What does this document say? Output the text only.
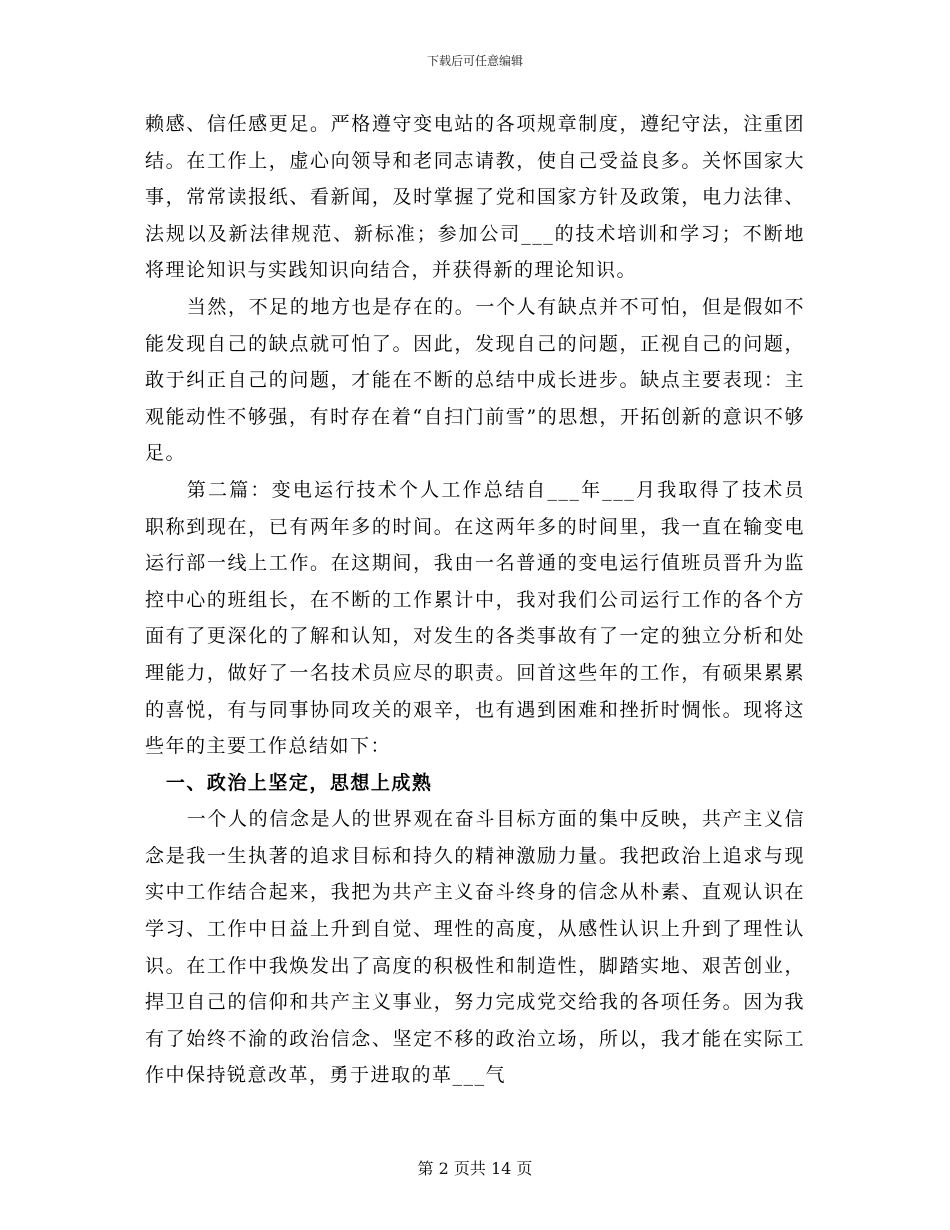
下载后可任意编辑

赖感、信任感更足。严格遵守变电站的各项规章制度，遵纪守法，注重团结。在工作上，虚心向领导和老同志请教，使自己受益良多。关怀国家大事，常常读报纸、看新闻，及时掌握了党和国家方针及政策，电力法律、法规以及新法律规范、新标准；参加公司___的技术培训和学习；不断地将理论知识与实践知识向结合，并获得新的理论知识。

当然，不足的地方也是存在的。一个人有缺点并不可怕，但是假如不能发现自己的缺点就可怕了。因此，发现自己的问题，正视自己的问题，敢于纠正自己的问题，才能在不断的总结中成长进步。缺点主要表现：主观能动性不够强，有时存在着“自扫门前雪”的思想，开拓创新的意识不够足。

第二篇：变电运行技术个人工作总结自___年___月我取得了技术员职称到现在，已有两年多的时间。在这两年多的时间里，我一直在输变电运行部一线上工作。在这期间，我由一名普通的变电运行值班员晋升为监控中心的班组长，在不断的工作累计中，我对我们公司运行工作的各个方面有了更深化的了解和认知，对发生的各类事故有了一定的独立分析和处理能力，做好了一名技术员应尽的职责。回首这些年的工作，有硕果累累的喜悦，有与同事协同攻关的艰辛，也有遇到困难和挫折时惆怅。现将这些年的主要工作总结如下：

一、政治上坚定，思想上成熟

一个人的信念是人的世界观在奋斗目标方面的集中反映，共产主义信念是我一生执著的追求目标和持久的精神激励力量。我把政治上追求与现实中工作结合起来，我把为共产主义奋斗终身的信念从朴素、直观认识在学习、工作中日益上升到自觉、理性的高度，从感性认识上升到了理性认识。在工作中我焕发出了高度的积极性和制造性，脚踏实地、艰苦创业，捍卫自己的信仰和共产主义事业，努力完成党交给我的各项任务。因为我有了始终不渝的政治信念、坚定不移的政治立场，所以，我才能在实际工作中保持锐意改革，勇于进取的革___气

第 2 页共 14 页
